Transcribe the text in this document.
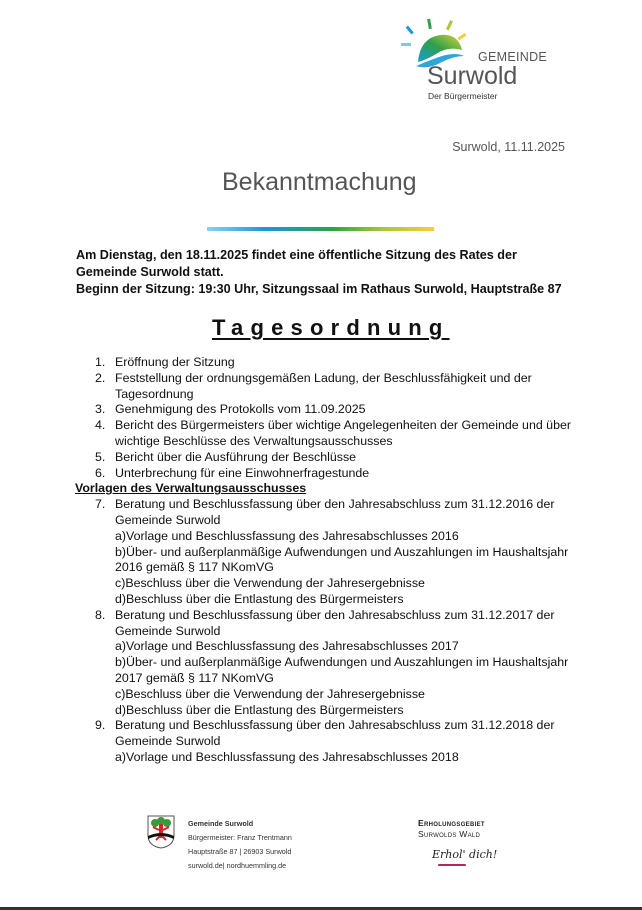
GEMEINDE
Surwold
Der Bürgermeister
Surwold, 11.11.2025
Bekanntmachung
Am Dienstag, den 18.11.2025 findet eine öffentliche Sitzung des Rates der Gemeinde Surwold statt.
Beginn der Sitzung: 19:30 Uhr, Sitzungssaal im Rathaus Surwold, Hauptstraße 87
Tagesordnung
1. Eröffnung der Sitzung
2. Feststellung der ordnungsgemäßen Ladung, der Beschlussfähigkeit und der Tagesordnung
3. Genehmigung des Protokolls vom 11.09.2025
4. Bericht des Bürgermeisters über wichtige Angelegenheiten der Gemeinde und über wichtige Beschlüsse des Verwaltungsausschusses
5. Bericht über die Ausführung der Beschlüsse
6. Unterbrechung für eine Einwohnerfragestunde
Vorlagen des Verwaltungsausschusses
7. Beratung und Beschlussfassung über den Jahresabschluss zum 31.12.2016 der Gemeinde Surwold
a)Vorlage und Beschlussfassung des Jahresabschlusses 2016
b)Über- und außerplanmäßige Aufwendungen und Auszahlungen im Haushaltsjahr 2016 gemäß § 117 NKomVG
c)Beschluss über die Verwendung der Jahresergebnisse
d)Beschluss über die Entlastung des Bürgermeisters
8. Beratung und Beschlussfassung über den Jahresabschluss zum 31.12.2017 der Gemeinde Surwold
a)Vorlage und Beschlussfassung des Jahresabschlusses 2017
b)Über- und außerplanmäßige Aufwendungen und Auszahlungen im Haushaltsjahr 2017 gemäß § 117 NKomVG
c)Beschluss über die Verwendung der Jahresergebnisse
d)Beschluss über die Entlastung des Bürgermeisters
9. Beratung und Beschlussfassung über den Jahresabschluss zum 31.12.2018 der Gemeinde Surwold
a)Vorlage und Beschlussfassung des Jahresabschlusses 2018
Gemeinde Surwold
Bürgermeister: Franz Trentmann
Hauptstraße 87 | 26903 Surwold
surwold.de| nordhuemmling.de
Erholungsgebiet
Surwolds Wald
Erhol' dich!
